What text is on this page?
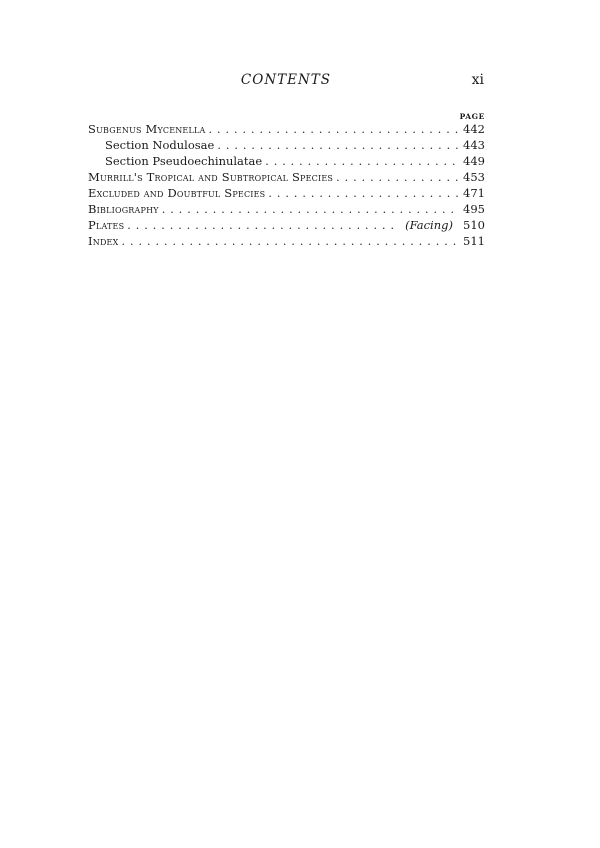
CONTENTS	xi
PAGE
Subgenus Mycenella . . .	442
Section Nodulosae . . .	443
Section Pseudoechinulatae . . .	449
Murrill's Tropical and Subtropical Species . . .	453
Excluded and Doubtful Species . . .	471
Bibliography . . .	495
Plates . . .	(Facing) 510
Index . . .	511
